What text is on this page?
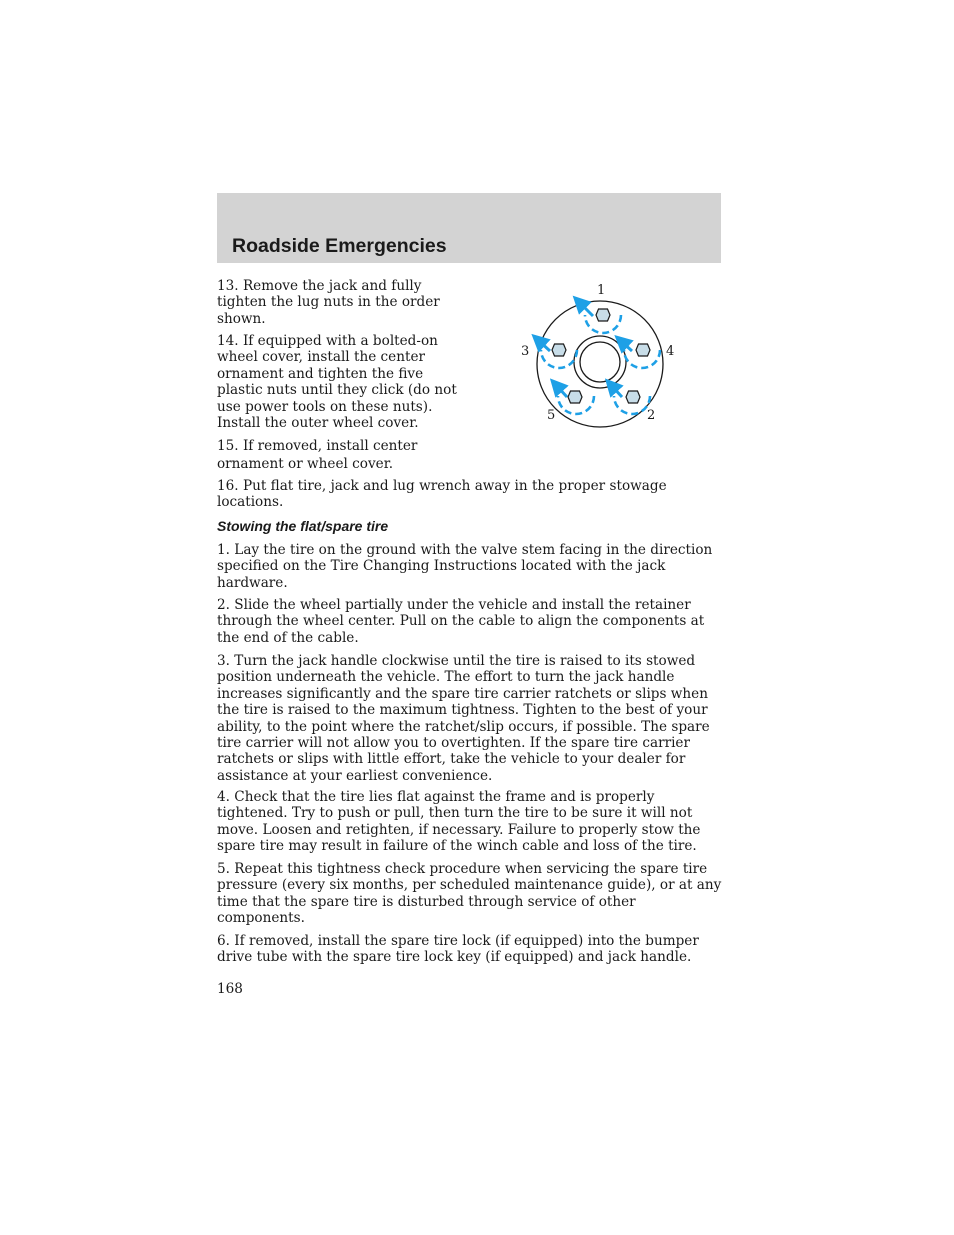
Roadside Emergencies

13. Remove the jack and fully tighten the lug nuts in the order shown.

14. If equipped with a bolted-on wheel cover, install the center ornament and tighten the five plastic nuts until they click (do not use power tools on these nuts). Install the outer wheel cover.

15. If removed, install center ornament or wheel cover.

16. Put flat tire, jack and lug wrench away in the proper stowage locations.

1
2
3	4
5
Stowing the flat/spare tire

1. Lay the tire on the ground with the valve stem facing in the direction specified on the Tire Changing Instructions located with the jack hardware.

2. Slide the wheel partially under the vehicle and install the retainer through the wheel center. Pull on the cable to align the components at the end of the cable.

3. Turn the jack handle clockwise until the tire is raised to its stowed position underneath the vehicle. The effort to turn the jack handle increases significantly and the spare tire carrier ratchets or slips when the tire is raised to the maximum tightness. Tighten to the best of your ability, to the point where the ratchet/slip occurs, if possible. The spare tire carrier will not allow you to overtighten. If the spare tire carrier ratchets or slips with little effort, take the vehicle to your dealer for assistance at your earliest convenience.

4. Check that the tire lies flat against the frame and is properly tightened. Try to push or pull, then turn the tire to be sure it will not move. Loosen and retighten, if necessary. Failure to properly stow the spare tire may result in failure of the winch cable and loss of the tire.

5. Repeat this tightness check procedure when servicing the spare tire pressure (every six months, per scheduled maintenance guide), or at any time that the spare tire is disturbed through service of other components.

6. If removed, install the spare tire lock (if equipped) into the bumper drive tube with the spare tire lock key (if equipped) and jack handle.

168
